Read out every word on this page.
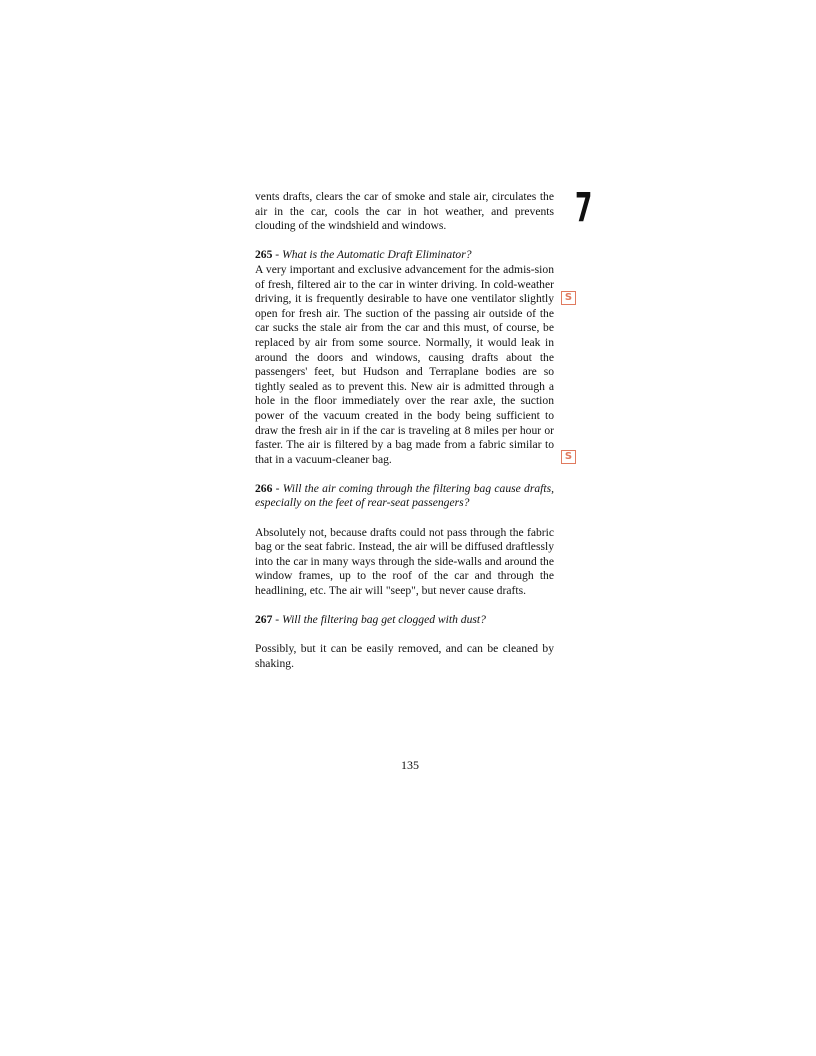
7
S
S

vents drafts, clears the car of smoke and stale air, circulates the air in the car, cools the car in hot weather, and prevents clouding of the windshield and windows.

265 - What is the Automatic Draft Eliminator?

A very important and exclusive advancement for the admis-sion of fresh, filtered air to the car in winter driving. In cold-weather driving, it is frequently desirable to have one ventilator slightly open for fresh air. The suction of the passing air outside of the car sucks the stale air from the car and this must, of course, be replaced by air from some source. Normally, it would leak in around the doors and windows, causing drafts about the passengers' feet, but Hudson and Terraplane bodies are so tightly sealed as to prevent this. New air is admitted through a hole in the floor immediately over the rear axle, the suction power of the vacuum created in the body being sufficient to draw the fresh air in if the car is traveling at 8 miles per hour or faster. The air is filtered by a bag made from a fabric similar to that in a vacuum-cleaner bag.

266 - Will the air coming through the filtering bag cause drafts, especially on the feet of rear-seat passengers?

Absolutely not, because drafts could not pass through the fabric bag or the seat fabric. Instead, the air will be diffused draftlessly into the car in many ways through the side-walls and around the window frames, up to the roof of the car and through the headlining, etc. The air will "seep", but never cause drafts.

267 - Will the filtering bag get clogged with dust?

Possibly, but it can be easily removed, and can be cleaned by shaking.

135
